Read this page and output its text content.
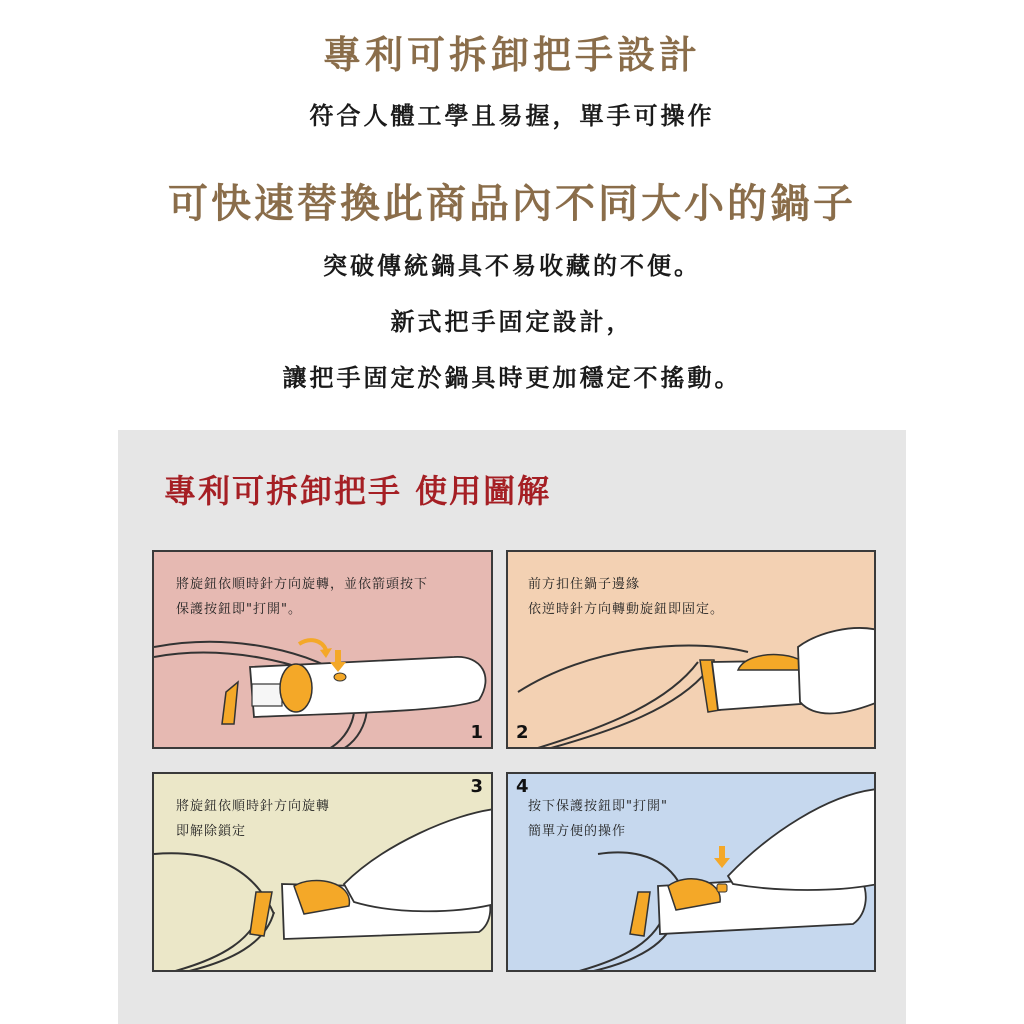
專利可拆卸把手設計
符合人體工學且易握，單手可操作
可快速替換此商品內不同大小的鍋子
突破傳統鍋具不易收藏的不便。
新式把手固定設計，
讓把手固定於鍋具時更加穩定不搖動。
專利可拆卸把手 使用圖解
將旋鈕依順時針方向旋轉，並依箭頭按下
保護按鈕即"打開"。
1
前方扣住鍋子邊緣
依逆時針方向轉動旋鈕即固定。
2
將旋鈕依順時針方向旋轉
即解除鎖定
3
按下保護按鈕即"打開"
簡單方便的操作
4
